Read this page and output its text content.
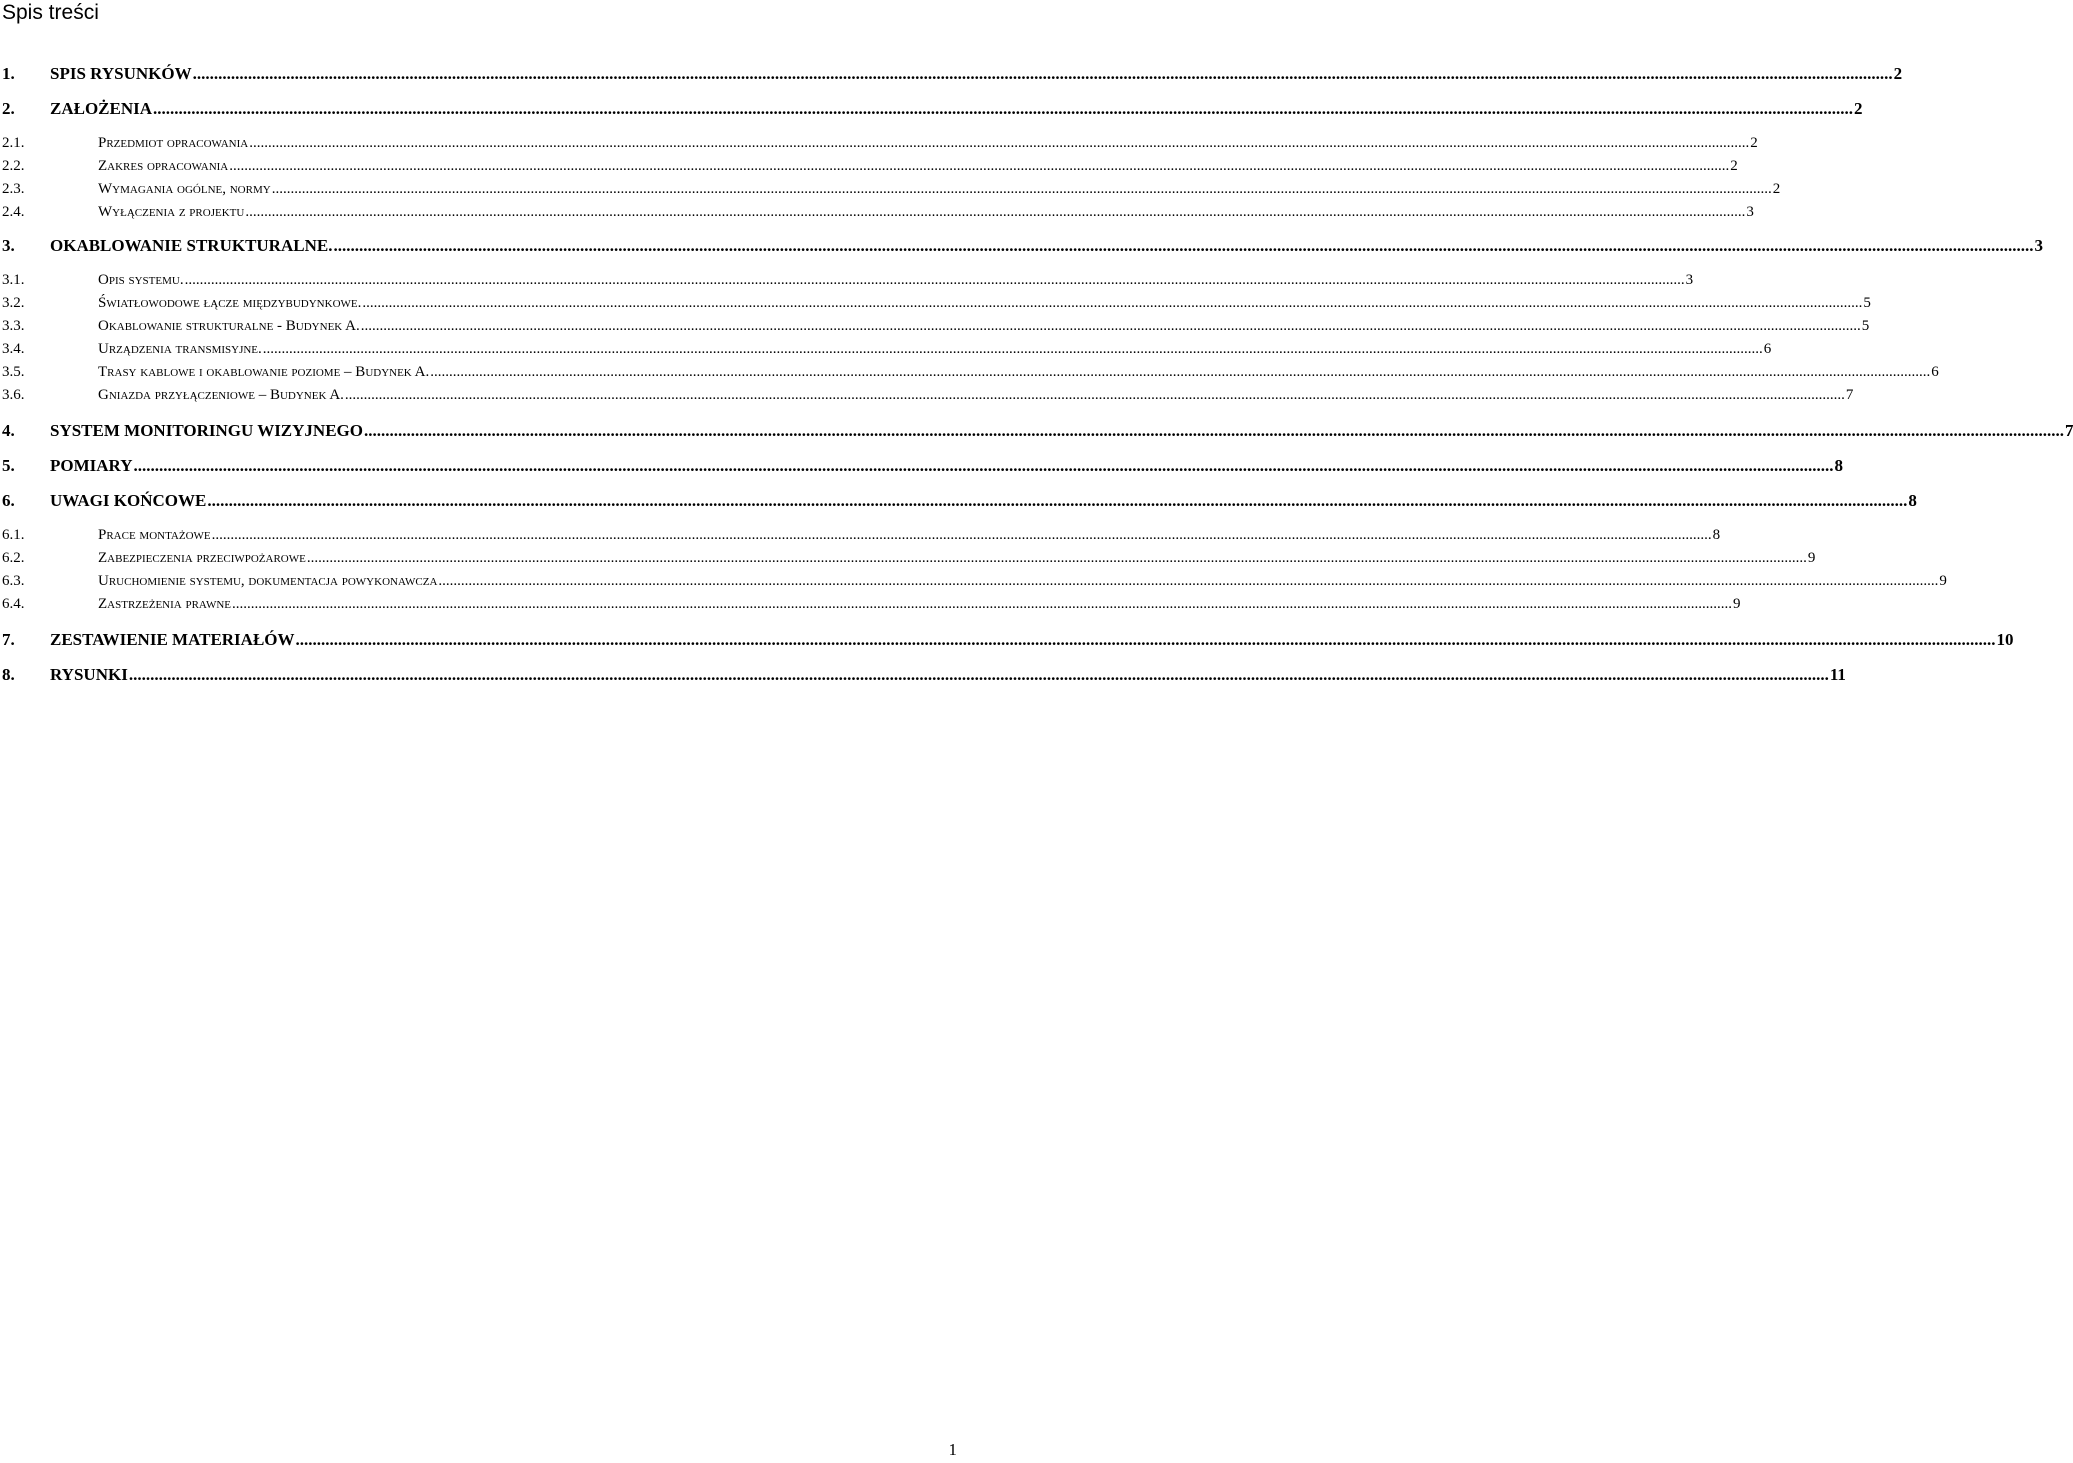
Spis treści
1.	SPIS RYSUNKÓW ................................................................................................................................................................................................................................................................................................................................................................................................................ 2
2.	ZAŁOŻENIA ................................................................................................................................................................................................................................................................................................................................................................................................................ 2
2.1.	Przedmiot opracowania ................................................................................................................................................................................................................................................................................................................................................................................................................ 2
2.2.	Zakres opracowania ................................................................................................................................................................................................................................................................................................................................................................................................................ 2
2.3.	Wymagania ogólne, normy ................................................................................................................................................................................................................................................................................................................................................................................................................ 2
2.4.	Wyłączenia z projektu ................................................................................................................................................................................................................................................................................................................................................................................................................ 3
3.	OKABLOWANIE STRUKTURALNE. ................................................................................................................................................................................................................................................................................................................................................................................................................ 3
3.1.	Opis systemu. ................................................................................................................................................................................................................................................................................................................................................................................................................ 3
3.2.	Światłowodowe łącze międzybudynkowe. ................................................................................................................................................................................................................................................................................................................................................................................................................ 5
3.3.	Okablowanie strukturalne - Budynek A. ................................................................................................................................................................................................................................................................................................................................................................................................................ 5
3.4.	Urządzenia transmisyjne. ................................................................................................................................................................................................................................................................................................................................................................................................................ 6
3.5.	Trasy kablowe i okablowanie poziome – Budynek A. ................................................................................................................................................................................................................................................................................................................................................................................................................ 6
3.6.	Gniazda przyłączeniowe – Budynek A. ................................................................................................................................................................................................................................................................................................................................................................................................................ 7
4.	SYSTEM MONITORINGU WIZYJNEGO ................................................................................................................................................................................................................................................................................................................................................................................................................ 7
5.	POMIARY ................................................................................................................................................................................................................................................................................................................................................................................................................ 8
6.	UWAGI KOŃCOWE ................................................................................................................................................................................................................................................................................................................................................................................................................ 8
6.1.	Prace montażowe ................................................................................................................................................................................................................................................................................................................................................................................................................ 8
6.2.	Zabezpieczenia przeciwpożarowe ................................................................................................................................................................................................................................................................................................................................................................................................................ 9
6.3.	Uruchomienie systemu, dokumentacja powykonawcza ................................................................................................................................................................................................................................................................................................................................................................................................................ 9
6.4.	Zastrzeżenia prawne ................................................................................................................................................................................................................................................................................................................................................................................................................ 9
7.	ZESTAWIENIE MATERIAŁÓW ................................................................................................................................................................................................................................................................................................................................................................................................................ 10
8.	RYSUNKI ................................................................................................................................................................................................................................................................................................................................................................................................................ 11
1
